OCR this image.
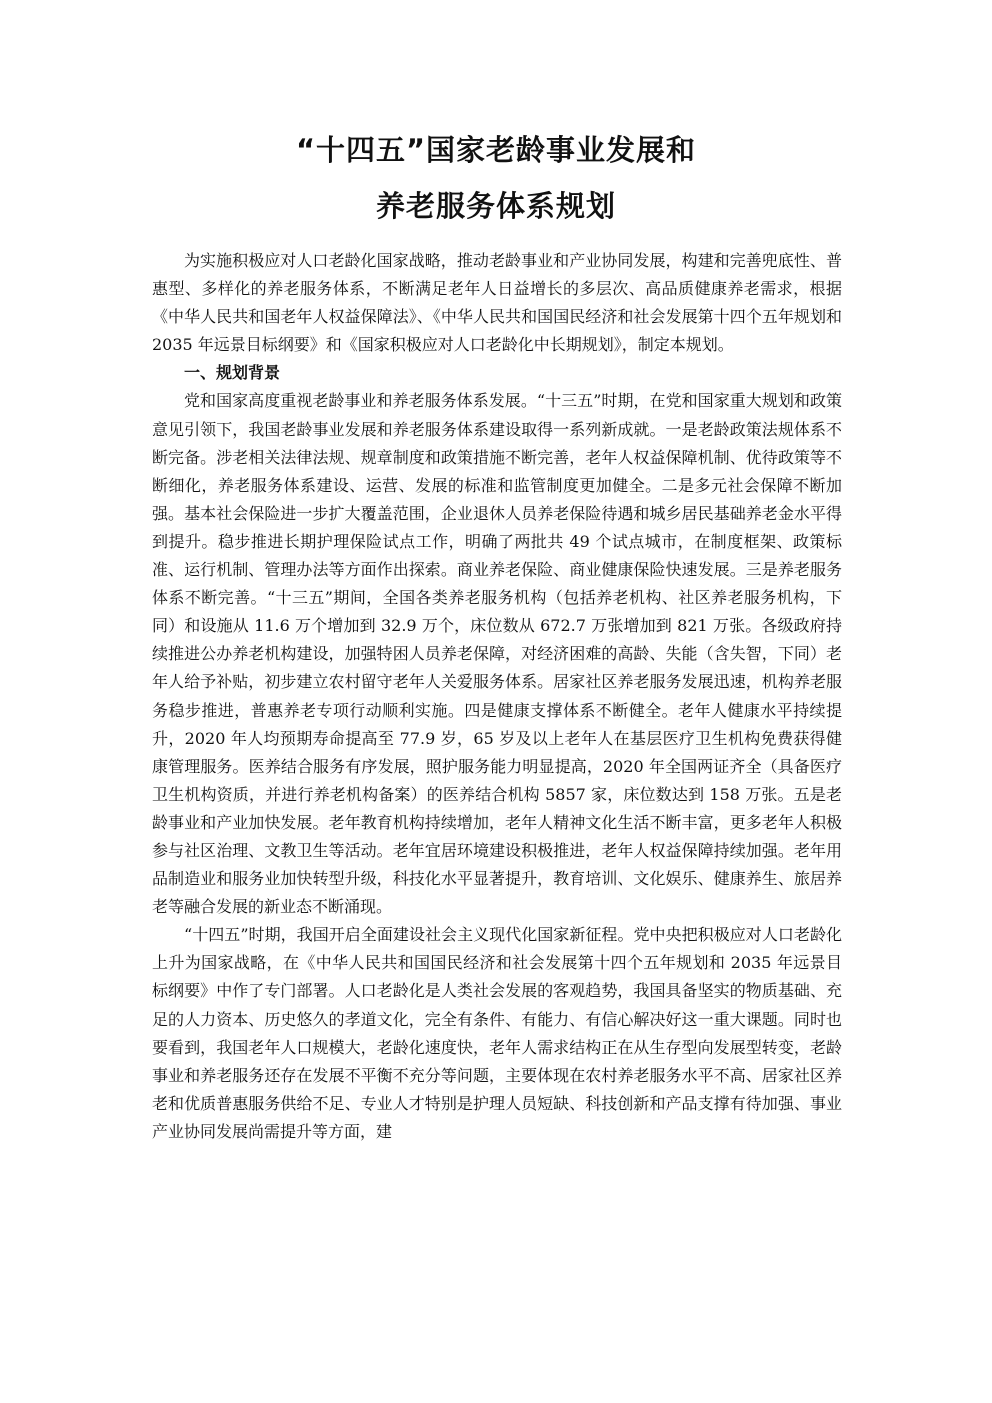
“十四五”国家老龄事业发展和
养老服务体系规划

为实施积极应对人口老龄化国家战略，推动老龄事业和产业协同发展，构建和完善兜底性、普惠型、多样化的养老服务体系，不断满足老年人日益增长的多层次、高品质健康养老需求，根据《中华人民共和国老年人权益保障法》、《中华人民共和国国民经济和社会发展第十四个五年规划和 2035 年远景目标纲要》和《国家积极应对人口老龄化中长期规划》，制定本规划。

一、规划背景

党和国家高度重视老龄事业和养老服务体系发展。“十三五”时期，在党和国家重大规划和政策意见引领下，我国老龄事业发展和养老服务体系建设取得一系列新成就。一是老龄政策法规体系不断完备。涉老相关法律法规、规章制度和政策措施不断完善，老年人权益保障机制、优待政策等不断细化，养老服务体系建设、运营、发展的标准和监管制度更加健全。二是多元社会保障不断加强。基本社会保险进一步扩大覆盖范围，企业退休人员养老保险待遇和城乡居民基础养老金水平得到提升。稳步推进长期护理保险试点工作，明确了两批共 49 个试点城市，在制度框架、政策标准、运行机制、管理办法等方面作出探索。商业养老保险、商业健康保险快速发展。三是养老服务体系不断完善。“十三五”期间，全国各类养老服务机构（包括养老机构、社区养老服务机构，下同）和设施从 11.6 万个增加到 32.9 万个，床位数从 672.7 万张增加到 821 万张。各级政府持续推进公办养老机构建设，加强特困人员养老保障，对经济困难的高龄、失能（含失智，下同）老年人给予补贴，初步建立农村留守老年人关爱服务体系。居家社区养老服务发展迅速，机构养老服务稳步推进，普惠养老专项行动顺利实施。四是健康支撑体系不断健全。老年人健康水平持续提升，2020 年人均预期寿命提高至 77.9 岁，65 岁及以上老年人在基层医疗卫生机构免费获得健康管理服务。医养结合服务有序发展，照护服务能力明显提高，2020 年全国两证齐全（具备医疗卫生机构资质，并进行养老机构备案）的医养结合机构 5857 家，床位数达到 158 万张。五是老龄事业和产业加快发展。老年教育机构持续增加，老年人精神文化生活不断丰富，更多老年人积极参与社区治理、文教卫生等活动。老年宜居环境建设积极推进，老年人权益保障持续加强。老年用品制造业和服务业加快转型升级，科技化水平显著提升，教育培训、文化娱乐、健康养生、旅居养老等融合发展的新业态不断涌现。

“十四五”时期，我国开启全面建设社会主义现代化国家新征程。党中央把积极应对人口老龄化上升为国家战略，在《中华人民共和国国民经济和社会发展第十四个五年规划和 2035 年远景目标纲要》中作了专门部署。人口老龄化是人类社会发展的客观趋势，我国具备坚实的物质基础、充足的人力资本、历史悠久的孝道文化，完全有条件、有能力、有信心解决好这一重大课题。同时也要看到，我国老年人口规模大，老龄化速度快，老年人需求结构正在从生存型向发展型转变，老龄事业和养老服务还存在发展不平衡不充分等问题，主要体现在农村养老服务水平不高、居家社区养老和优质普惠服务供给不足、专业人才特别是护理人员短缺、科技创新和产品支撑有待加强、事业产业协同发展尚需提升等方面，建
